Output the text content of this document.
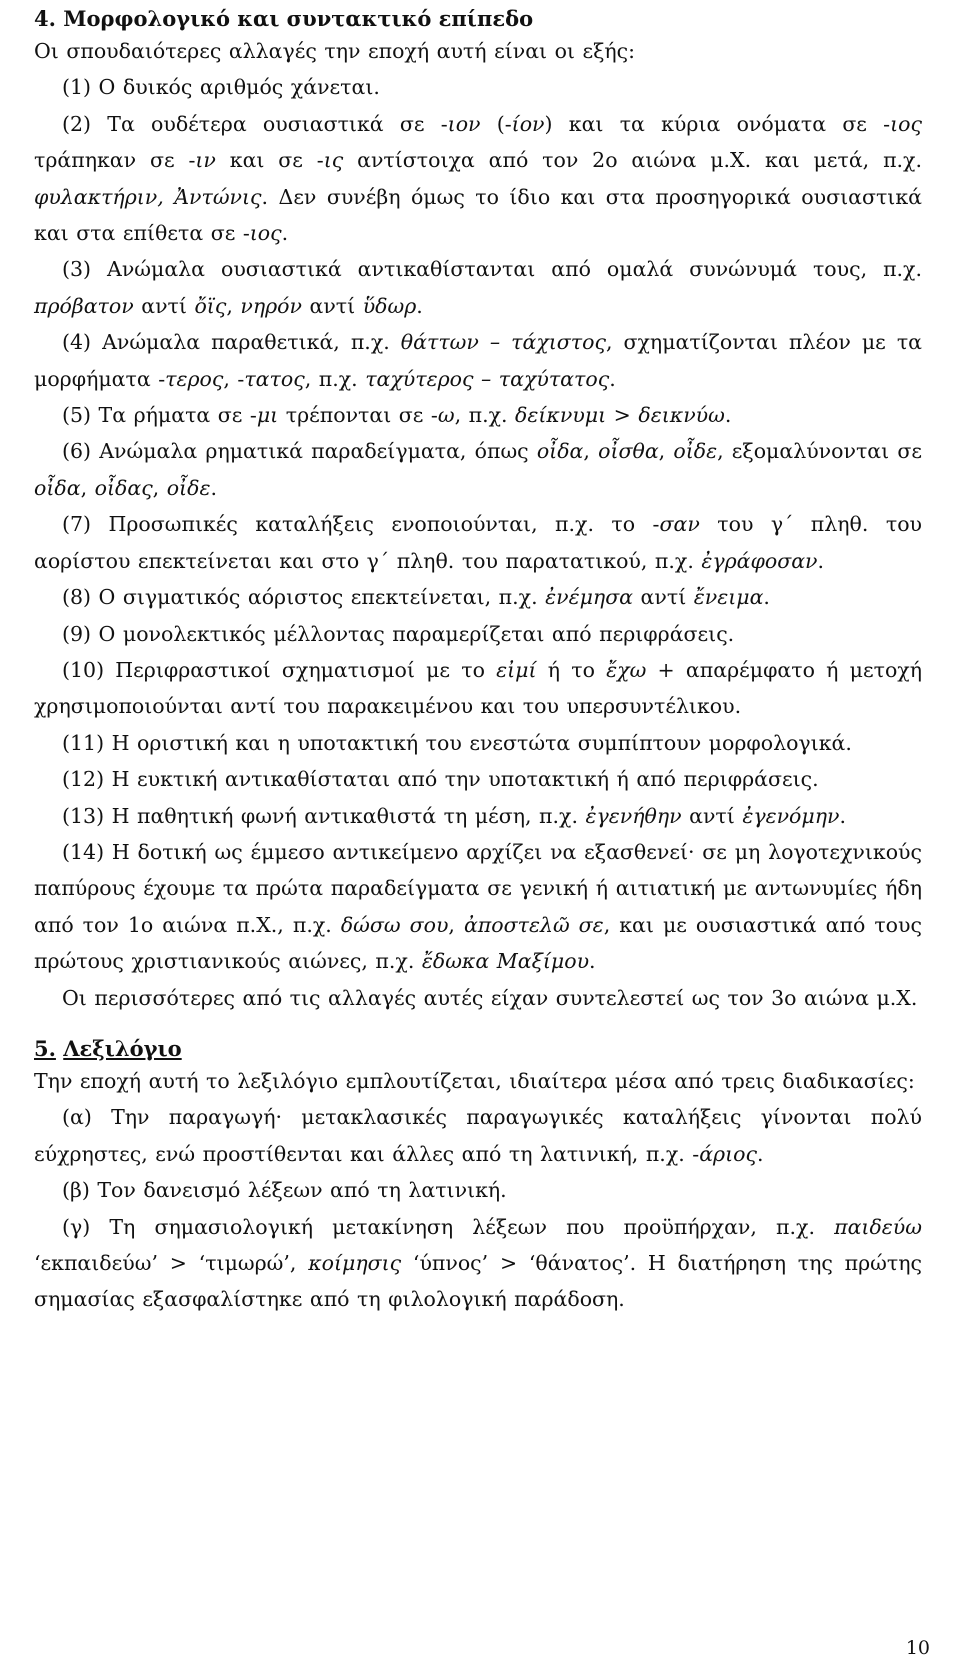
4. Μορφολογικό και συντακτικό επίπεδο

Οι σπουδαιότερες αλλαγές την εποχή αυτή είναι οι εξής:

(1) Ο δυικός αριθμός χάνεται.

(2) Τα ουδέτερα ουσιαστικά σε -ιον (-ίον) και τα κύρια ονόματα σε -ιος τράπηκαν σε -ιν και σε -ις αντίστοιχα από τον 2ο αιώνα μ.Χ. και μετά, π.χ. φυλακτήριν, Ἀντώνις. Δεν συνέβη όμως το ίδιο και στα προσηγορικά ουσιαστικά και στα επίθετα σε -ιος.

(3) Ανώμαλα ουσιαστικά αντικαθίστανται από ομαλά συνώνυμά τους, π.χ. πρόβατον αντί ὄϊς, νηρόν αντί ὕδωρ.

(4) Ανώμαλα παραθετικά, π.χ. θάττων – τάχιστος, σχηματίζονται πλέον με τα μορφήματα -τερος, -τατος, π.χ. ταχύτερος – ταχύτατος.

(5) Τα ρήματα σε -μι τρέπονται σε -ω, π.χ. δείκνυμι > δεικνύω.

(6) Ανώμαλα ρηματικά παραδείγματα, όπως οἶδα, οἶσθα, οἶδε, εξομαλύνονται σε οἶδα, οἶδας, οἶδε.

(7) Προσωπικές καταλήξεις ενοποιούνται, π.χ. το -σαν του γ΄ πληθ. του αορίστου επεκτείνεται και στο γ΄ πληθ. του παρατατικού, π.χ. ἐγράφοσαν.

(8) Ο σιγματικός αόριστος επεκτείνεται, π.χ. ἐνέμησα αντί ἔνειμα.

(9) Ο μονολεκτικός μέλλοντας παραμερίζεται από περιφράσεις.

(10) Περιφραστικοί σχηματισμοί με το εἰμί ή το ἔχω + απαρέμφατο ή μετοχή χρησιμοποιούνται αντί του παρακειμένου και του υπερσυντέλικου.

(11) Η οριστική και η υποτακτική του ενεστώτα συμπίπτουν μορφολογικά.

(12) Η ευκτική αντικαθίσταται από την υποτακτική ή από περιφράσεις.

(13) Η παθητική φωνή αντικαθιστά τη μέση, π.χ. ἐγενήθην αντί ἐγενόμην.

(14) Η δοτική ως έμμεσο αντικείμενο αρχίζει να εξασθενεί· σε μη λογοτεχνικούς παπύρους έχουμε τα πρώτα παραδείγματα σε γενική ή αιτιατική με αντωνυμίες ήδη από τον 1ο αιώνα π.Χ., π.χ. δώσω σου, ἀποστελῶ σε, και με ουσιαστικά από τους πρώτους χριστιανικούς αιώνες, π.χ. ἔδωκα Μαξίμου.

Οι περισσότερες από τις αλλαγές αυτές είχαν συντελεστεί ως τον 3ο αιώνα μ.Χ.

5. Λεξιλόγιο

Την εποχή αυτή το λεξιλόγιο εμπλουτίζεται, ιδιαίτερα μέσα από τρεις διαδικασίες:

(α) Την παραγωγή· μετακλασικές παραγωγικές καταλήξεις γίνονται πολύ εύχρηστες, ενώ προστίθενται και άλλες από τη λατινική, π.χ. -άριος.

(β) Τον δανεισμό λέξεων από τη λατινική.

(γ) Τη σημασιολογική μετακίνηση λέξεων που προϋπήρχαν, π.χ. παιδεύω ‘εκπαιδεύω’ > ‘τιμωρώ’, κοίμησις ‘ύπνος’ > ‘θάνατος’. Η διατήρηση της πρώτης σημασίας εξασφαλίστηκε από τη φιλολογική παράδοση.

10
